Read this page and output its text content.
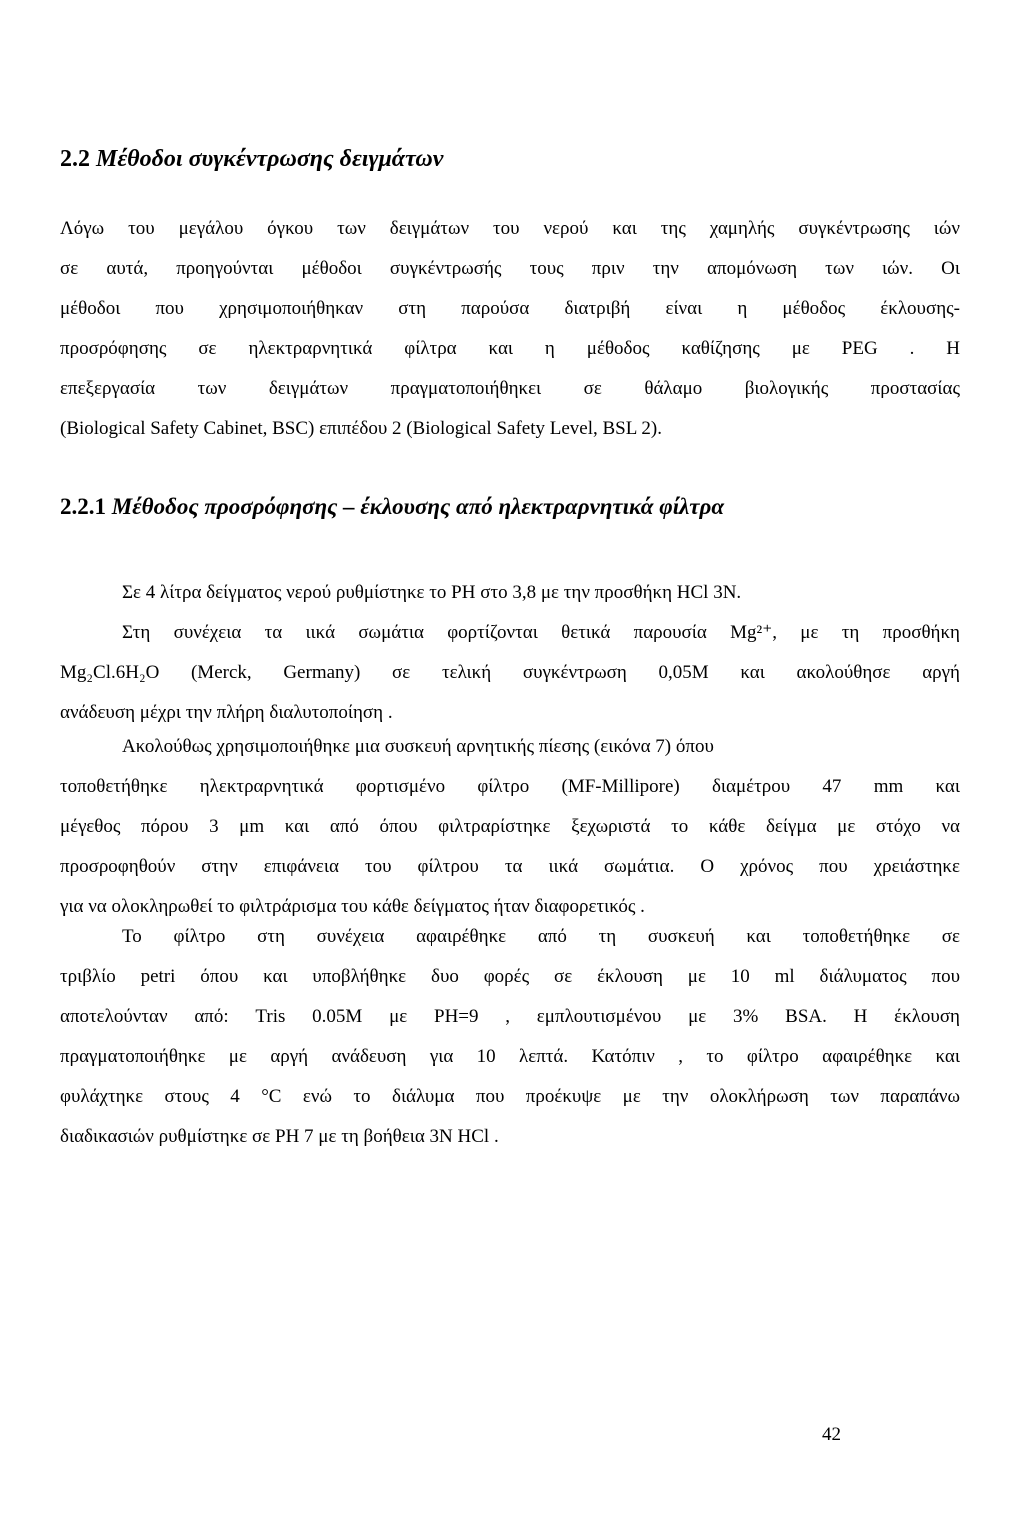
2.2 Μέθοδοι συγκέντρωσης δειγμάτων
Λόγω του μεγάλου όγκου των δειγμάτων του νερού και της χαμηλής συγκέντρωσης ιών
σε αυτά, προηγούνται μέθοδοι συγκέντρωσής τους πριν την απομόνωση των ιών. Οι
μέθοδοι που χρησιμοποιήθηκαν στη παρούσα διατριβή είναι η μέθοδος έκλουσης-
προσρόφησης σε ηλεκτραρνητικά φίλτρα και η μέθοδος καθίζησης με PEG . Η
επεξεργασία των δειγμάτων πραγματοποιήθηκει σε θάλαμο βιολογικής προστασίας
(Biological Safety Cabinet, BSC) επιπέδου 2 (Biological Safety Level, BSL 2).
2.2.1 Μέθοδος προσρόφησης – έκλουσης από ηλεκτραρνητικά φίλτρα
Σε 4 λίτρα δείγματος νερού ρυθμίστηκε το PH στο 3,8 με την προσθήκη HCl 3N.
Στη συνέχεια τα ιικά σωμάτια φορτίζονται θετικά παρουσία Mg²⁺, με τη προσθήκη
Mg₂Cl.6H₂O (Merck, Germany) σε τελική συγκέντρωση 0,05M και ακολούθησε αργή
ανάδευση μέχρι την πλήρη διαλυτοποίηση .
Ακολούθως χρησιμοποιήθηκε μια συσκευή αρνητικής πίεσης (εικόνα 7) όπου
τοποθετήθηκε ηλεκτραρνητικά φορτισμένο φίλτρο (MF-Millipore) διαμέτρου 47 mm και
μέγεθος πόρου 3 μm και από όπου φιλτραρίστηκε ξεχωριστά το κάθε δείγμα με στόχο να
προσροφηθούν στην επιφάνεια του φίλτρου τα ιικά σωμάτια. Ο χρόνος που χρειάστηκε
για να ολοκληρωθεί το φιλτράρισμα του κάθε δείγματος ήταν διαφορετικός .
Το φίλτρο στη συνέχεια αφαιρέθηκε από τη συσκευή και τοποθετήθηκε σε
τριβλίο petri όπου και υποβλήθηκε δυο φορές σε έκλουση με 10 ml διάλυματος που
αποτελούνταν από: Tris 0.05M με PH=9 , εμπλουτισμένου με 3% BSA. Η έκλουση
πραγματοποιήθηκε με αργή ανάδευση για 10 λεπτά. Κατόπιν , το φίλτρο αφαιρέθηκε και
φυλάχτηκε στους 4 °C ενώ το διάλυμα που προέκυψε με την ολοκλήρωση των παραπάνω
διαδικασιών ρυθμίστηκε σε PH 7 με τη βοήθεια 3N HCl .
42
